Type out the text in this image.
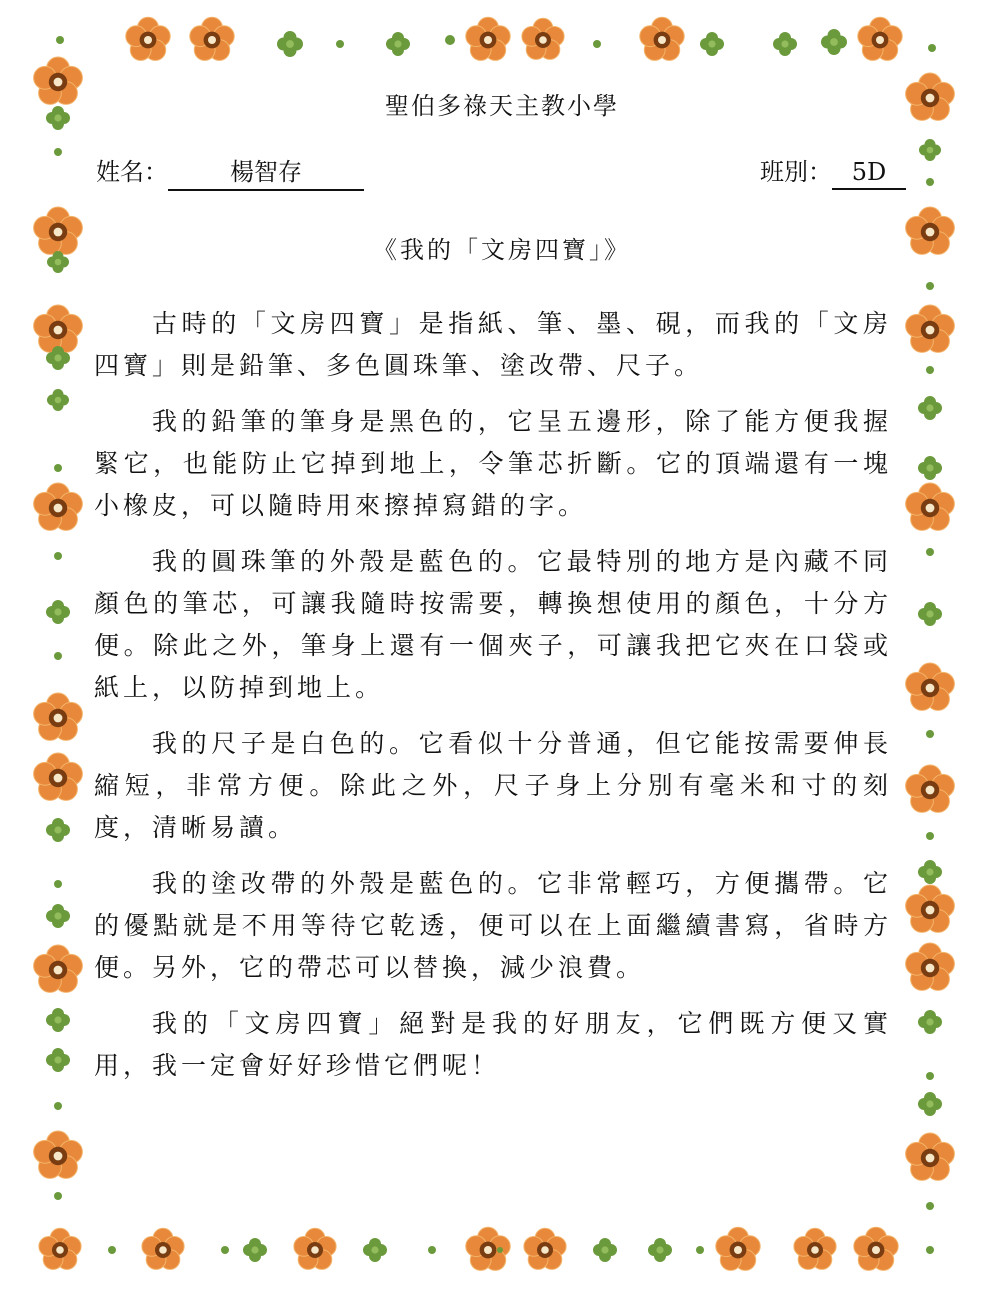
聖伯多祿天主教小學
姓名：	楊智存	班別： 5D
《我的「文房四寶」》

古時的「文房四寶」是指紙、筆、墨、硯，而我的「文房四寶」則是鉛筆、多色圓珠筆、塗改帶、尺子。

我的鉛筆的筆身是黑色的，它呈五邊形，除了能方便我握緊它，也能防止它掉到地上，令筆芯折斷。它的頂端還有一塊小橡皮，可以隨時用來擦掉寫錯的字。

我的圓珠筆的外殼是藍色的。它最特別的地方是內藏不同顏色的筆芯，可讓我隨時按需要，轉換想使用的顏色，十分方便。除此之外，筆身上還有一個夾子，可讓我把它夾在口袋或紙上，以防掉到地上。

我的尺子是白色的。它看似十分普通，但它能按需要伸長縮短，非常方便。除此之外，尺子身上分別有毫米和寸的刻度，清晰易讀。

我的塗改帶的外殼是藍色的。它非常輕巧，方便攜帶。它的優點就是不用等待它乾透，便可以在上面繼續書寫，省時方便。另外，它的帶芯可以替換，減少浪費。

我的「文房四寶」絕對是我的好朋友，它們既方便又實用，我一定會好好珍惜它們呢！
